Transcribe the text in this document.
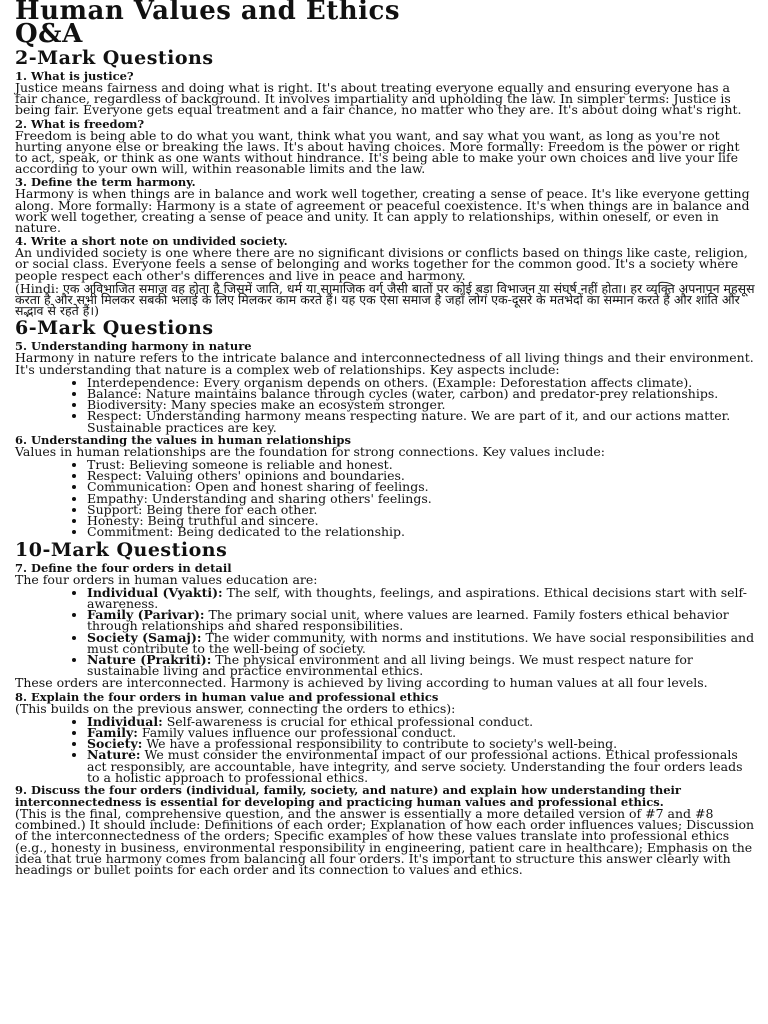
Human Values and Ethics
Q&A
2-Mark Questions
1. What is justice?

Justice means fairness and doing what is right. It's about treating everyone equally and ensuring everyone has a fair chance, regardless of background. It involves impartiality and upholding the law. In simpler terms: Justice is being fair. Everyone gets equal treatment and a fair chance, no matter who they are. It's about doing what's right.

2. What is freedom?

Freedom is being able to do what you want, think what you want, and say what you want, as long as you're not hurting anyone else or breaking the laws. It's about having choices. More formally: Freedom is the power or right to act, speak, or think as one wants without hindrance. It's being able to make your own choices and live your life according to your own will, within reasonable limits and the law.

3. Define the term harmony.

Harmony is when things are in balance and work well together, creating a sense of peace. It's like everyone getting along. More formally: Harmony is a state of agreement or peaceful coexistence. It's when things are in balance and work well together, creating a sense of peace and unity. It can apply to relationships, within oneself, or even in nature.

4. Write a short note on undivided society.

An undivided society is one where there are no significant divisions or conflicts based on things like caste, religion, or social class. Everyone feels a sense of belonging and works together for the common good. It's a society where people respect each other's differences and live in peace and harmony.

(Hindi: एक अविभाजित समाज वह होता है जिसमें जाति, धर्म या सामाजिक वर्ग जैसी बातों पर कोई बड़ा विभाजन या संघर्ष नहीं होता। हर व्यक्ति अपनापन महसूस करता है और सभी मिलकर सबकी भलाई के लिए मिलकर काम करते हैं। यह एक ऐसा समाज है जहाँ लोग एक-दूसरे के मतभेदों का सम्मान करते हैं और शांति और सद्भाव से रहते हैं।)

6-Mark Questions
5. Understanding harmony in nature

Harmony in nature refers to the intricate balance and interconnectedness of all living things and their environment. It's understanding that nature is a complex web of relationships. Key aspects include:

• Interdependence: Every organism depends on others. (Example: Deforestation affects climate).
• Balance: Nature maintains balance through cycles (water, carbon) and predator-prey relationships.
• Biodiversity: Many species make an ecosystem stronger.
• Respect: Understanding harmony means respecting nature. We are part of it, and our actions matter. Sustainable practices are key.
6. Understanding the values in human relationships

Values in human relationships are the foundation for strong connections. Key values include:

• Trust: Believing someone is reliable and honest.
• Respect: Valuing others' opinions and boundaries.
• Communication: Open and honest sharing of feelings.
• Empathy: Understanding and sharing others' feelings.
• Support: Being there for each other.
• Honesty: Being truthful and sincere.
• Commitment: Being dedicated to the relationship.
10-Mark Questions
7. Define the four orders in detail

The four orders in human values education are:

• Individual (Vyakti): The self, with thoughts, feelings, and aspirations. Ethical decisions start with self-awareness.
• Family (Parivar): The primary social unit, where values are learned. Family fosters ethical behavior through relationships and shared responsibilities.
• Society (Samaj): The wider community, with norms and institutions. We have social responsibilities and must contribute to the well-being of society.
• Nature (Prakriti): The physical environment and all living beings. We must respect nature for sustainable living and practice environmental ethics.

These orders are interconnected. Harmony is achieved by living according to human values at all four levels.

8. Explain the four orders in human value and professional ethics

(This builds on the previous answer, connecting the orders to ethics):

• Individual: Self-awareness is crucial for ethical professional conduct.
• Family: Family values influence our professional conduct.
• Society: We have a professional responsibility to contribute to society's well-being.
• Nature: We must consider the environmental impact of our professional actions. Ethical professionals act responsibly, are accountable, have integrity, and serve society. Understanding the four orders leads to a holistic approach to professional ethics.
9. Discuss the four orders (individual, family, society, and nature) and explain how understanding their interconnectedness is essential for developing and practicing human values and professional ethics.

(This is the final, comprehensive question, and the answer is essentially a more detailed version of #7 and #8 combined.) It should include: Definitions of each order; Explanation of how each order influences values; Discussion of the interconnectedness of the orders; Specific examples of how these values translate into professional ethics (e.g., honesty in business, environmental responsibility in engineering, patient care in healthcare); Emphasis on the idea that true harmony comes from balancing all four orders. It's important to structure this answer clearly with headings or bullet points for each order and its connection to values and ethics.
